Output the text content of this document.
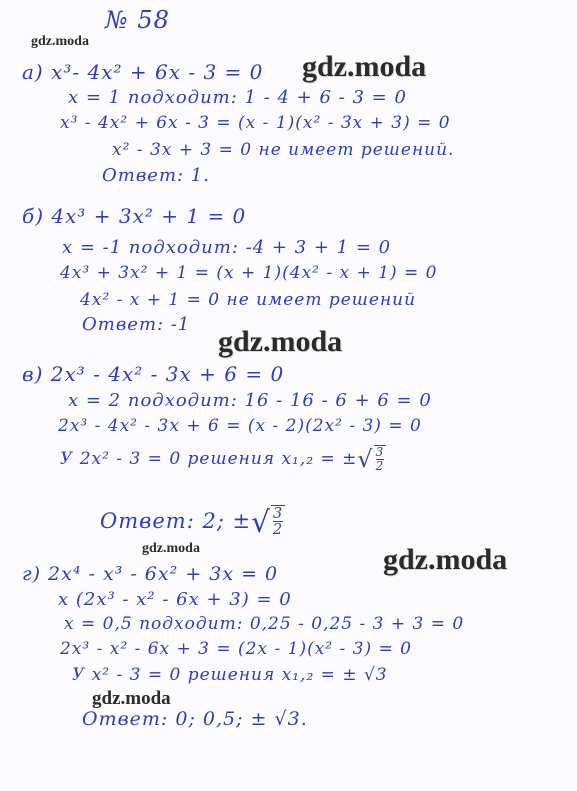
№ 58
gdz.moda
gdz.moda
gdz.moda
gdz.moda	gdz.moda
gdz.moda
а) x³- 4x² + 6x - 3 = 0
x = 1 подходит: 1 - 4 + 6 - 3 = 0
x³ - 4x² + 6x - 3 = (x - 1)(x² - 3x + 3) = 0
x² - 3x + 3 = 0 не имеет решений.
Ответ: 1.
б) 4x³ + 3x² + 1 = 0
x = -1 подходит: -4 + 3 + 1 = 0
4x³ + 3x² + 1 = (x + 1)(4x² - x + 1) = 0
4x² - x + 1 = 0 не имеет решений
Ответ: -1
в) 2x³ - 4x² - 3x + 6 = 0
x = 2 подходит: 16 - 16 - 6 + 6 = 0
2x³ - 4x² - 3x + 6 = (x - 2)(2x² - 3) = 0
У 2x² - 3 = 0 решения x₁,₂ = ± √ $\frac{3}{2}$
Ответ: 2; ± √ $\frac{3}{2}$
г) 2x⁴ - x³ - 6x² + 3x = 0
x (2x³ - x² - 6x + 3) = 0
x = 0,5 подходит: 0,25 - 0,25 - 3 + 3 = 0
2x³ - x² - 6x + 3 = (2x - 1)(x² - 3) = 0
У x² - 3 = 0 решения x₁,₂ = ± √3
Ответ: 0; 0,5; ± √3.
